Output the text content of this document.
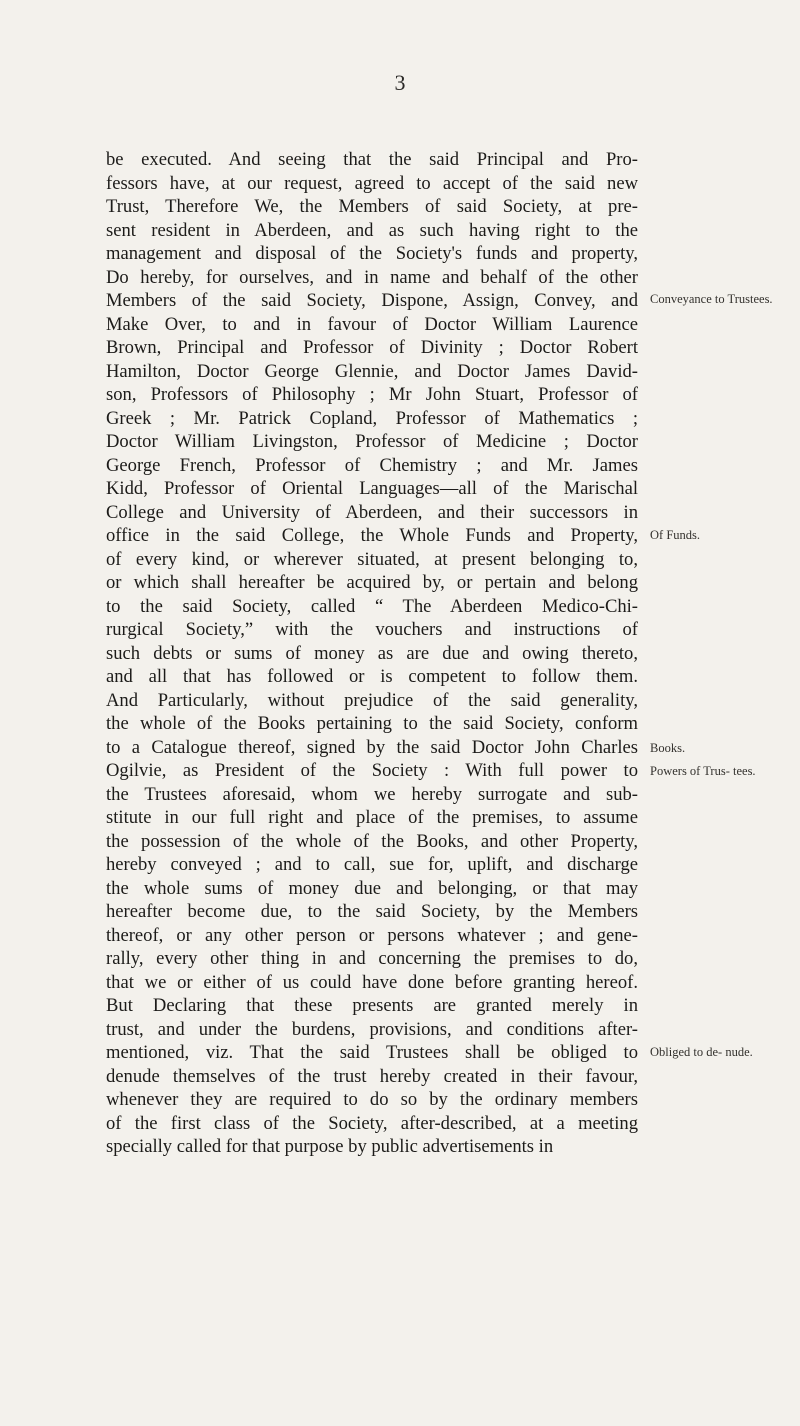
3
be executed. And seeing that the said Principal and Pro-
fessors have, at our request, agreed to accept of the said new
Trust, Therefore We, the Members of said Society, at pre-
sent resident in Aberdeen, and as such having right to the
management and disposal of the Society's funds and property,
Do hereby, for ourselves, and in name and behalf of the other
Members of the said Society, Dispone, Assign, Convey, and
Make Over, to and in favour of Doctor William Laurence
Brown, Principal and Professor of Divinity ; Doctor Robert
Hamilton, Doctor George Glennie, and Doctor James David-
son, Professors of Philosophy ; Mr John Stuart, Professor of
Greek ; Mr. Patrick Copland, Professor of Mathematics ;
Doctor William Livingston, Professor of Medicine ; Doctor
George French, Professor of Chemistry ; and Mr. James
Kidd, Professor of Oriental Languages—all of the Marischal
College and University of Aberdeen, and their successors in
office in the said College, the Whole Funds and Property,
of every kind, or wherever situated, at present belonging to,
or which shall hereafter be acquired by, or pertain and belong
to the said Society, called “ The Aberdeen Medico-Chi-
rurgical Society,” with the vouchers and instructions of
such debts or sums of money as are due and owing thereto,
and all that has followed or is competent to follow them.
And Particularly, without prejudice of the said generality,
the whole of the Books pertaining to the said Society, conform
to a Catalogue thereof, signed by the said Doctor John Charles
Ogilvie, as President of the Society : With full power to
the Trustees aforesaid, whom we hereby surrogate and sub-
stitute in our full right and place of the premises, to assume
the possession of the whole of the Books, and other Property,
hereby conveyed ; and to call, sue for, uplift, and discharge
the whole sums of money due and belonging, or that may
hereafter become due, to the said Society, by the Members
thereof, or any other person or persons whatever ; and gene-
rally, every other thing in and concerning the premises to do,
that we or either of us could have done before granting hereof.
But Declaring that these presents are granted merely in
trust, and under the burdens, provisions, and conditions after-
mentioned, viz. That the said Trustees shall be obliged to
denude themselves of the trust hereby created in their favour,
whenever they are required to do so by the ordinary members
of the first class of the Society, after-described, at a meeting
specially called for that purpose by public advertisements in
Conveyance to Trustees.
Of Funds.
Books.
Powers of Trus- tees.
Obliged to de- nude.
